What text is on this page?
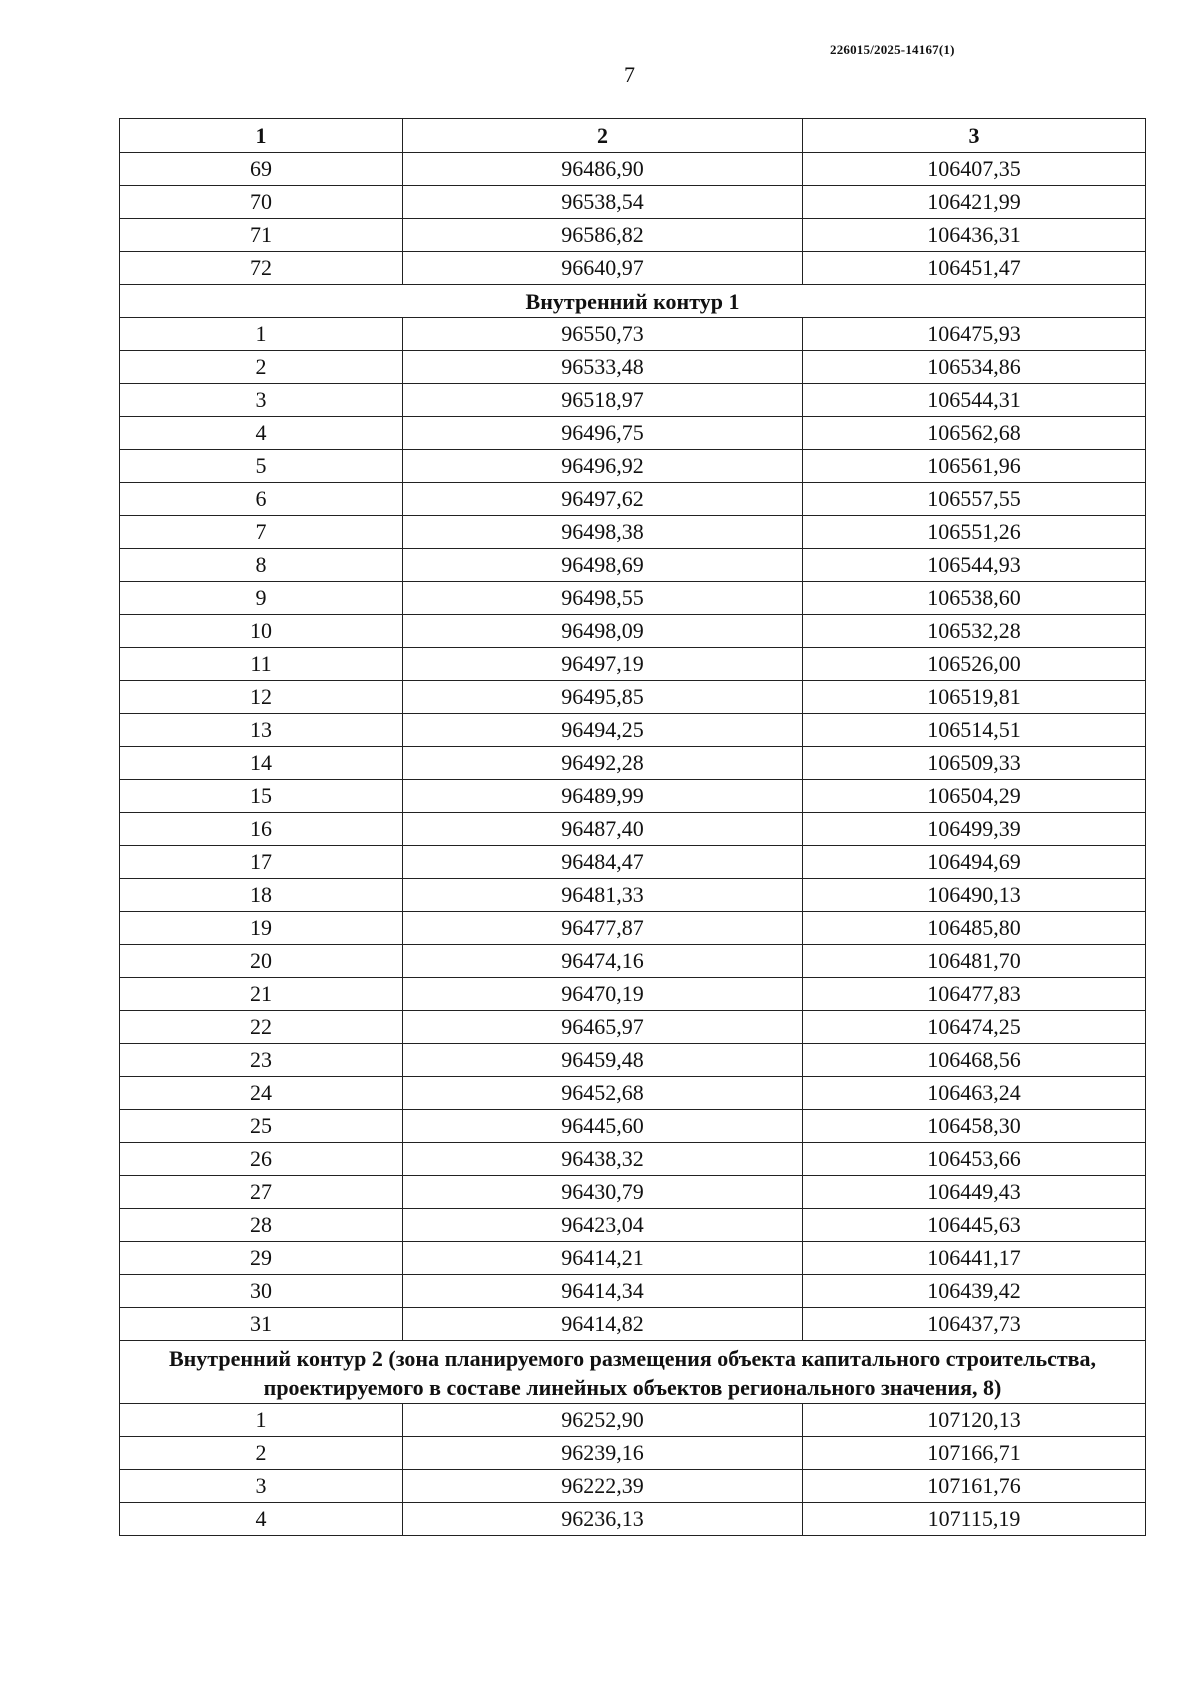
226015/2025-14167(1)
7
1	2	3
69	96486,90	106407,35
70	96538,54	106421,99
71	96586,82	106436,31
72	96640,97	106451,47
Внутренний контур 1		
1	96550,73	106475,93
2	96533,48	106534,86
3	96518,97	106544,31
4	96496,75	106562,68
5	96496,92	106561,96
6	96497,62	106557,55
7	96498,38	106551,26
8	96498,69	106544,93
9	96498,55	106538,60
10	96498,09	106532,28
11	96497,19	106526,00
12	96495,85	106519,81
13	96494,25	106514,51
14	96492,28	106509,33
15	96489,99	106504,29
16	96487,40	106499,39
17	96484,47	106494,69
18	96481,33	106490,13
19	96477,87	106485,80
20	96474,16	106481,70
21	96470,19	106477,83
22	96465,97	106474,25
23	96459,48	106468,56
24	96452,68	106463,24
25	96445,60	106458,30
26	96438,32	106453,66
27	96430,79	106449,43
28	96423,04	106445,63
29	96414,21	106441,17
30	96414,34	106439,42
31	96414,82	106437,73
Внутренний контур 2 (зона планируемого размещения объекта капитального строительства, проектируемого в составе линейных объектов регионального значения, 8)		
1	96252,90	107120,13
2	96239,16	107166,71
3	96222,39	107161,76
4	96236,13	107115,19
